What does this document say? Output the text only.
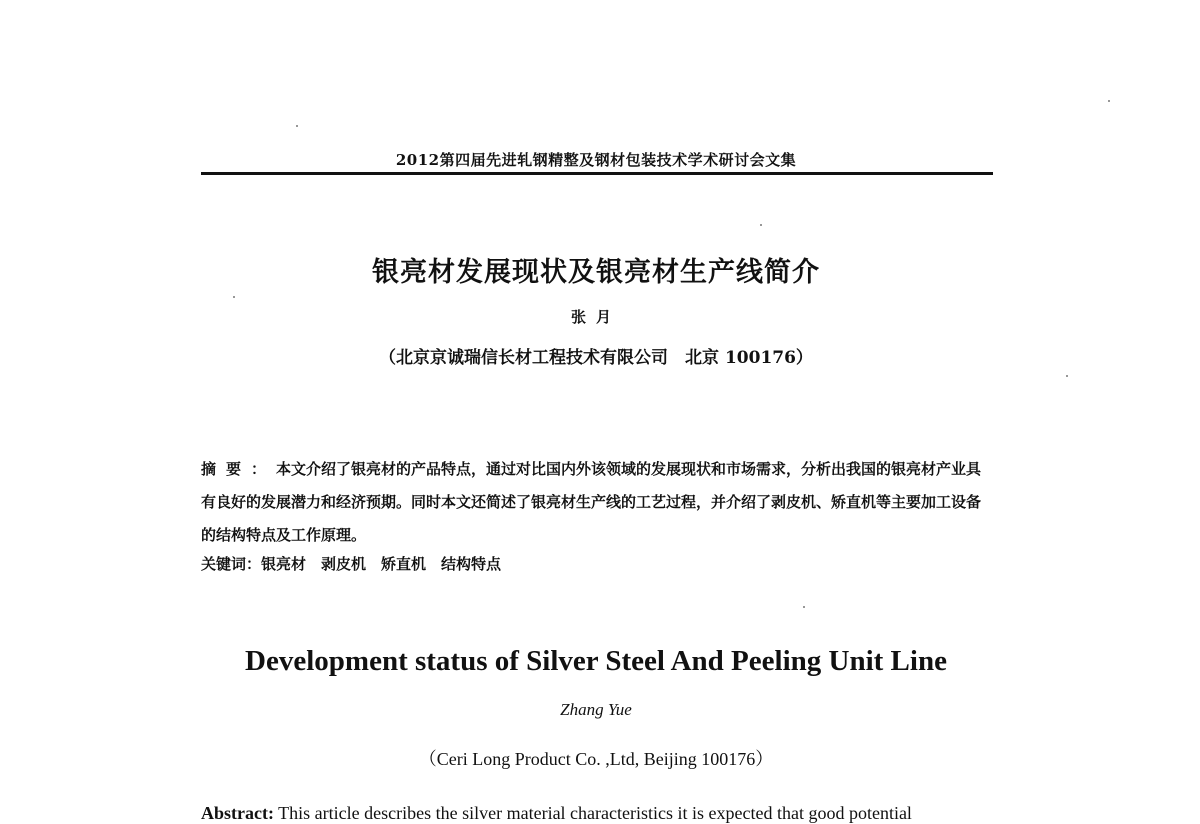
2012第四届先进轧钢精整及钢材包装技术学术研讨会文集
银亮材发展现状及银亮材生产线简介
张月
（北京京诚瑞信长材工程技术有限公司　北京 100176）
摘要：本文介绍了银亮材的产品特点，通过对比国内外该领域的发展现状和市场需求，分析出我国的银亮材产业具有良好的发展潜力和经济预期。同时本文还简述了银亮材生产线的工艺过程，并介绍了剥皮机、矫直机等主要加工设备的结构特点及工作原理。
关键词：银亮材　剥皮机　矫直机　结构特点
Development status of Silver Steel And Peeling Unit Line
Zhang Yue
（Ceri Long Product Co. ,Ltd, Beijing 100176）
Abstract: This article describes the silver material characteristics it is expected that good potential
